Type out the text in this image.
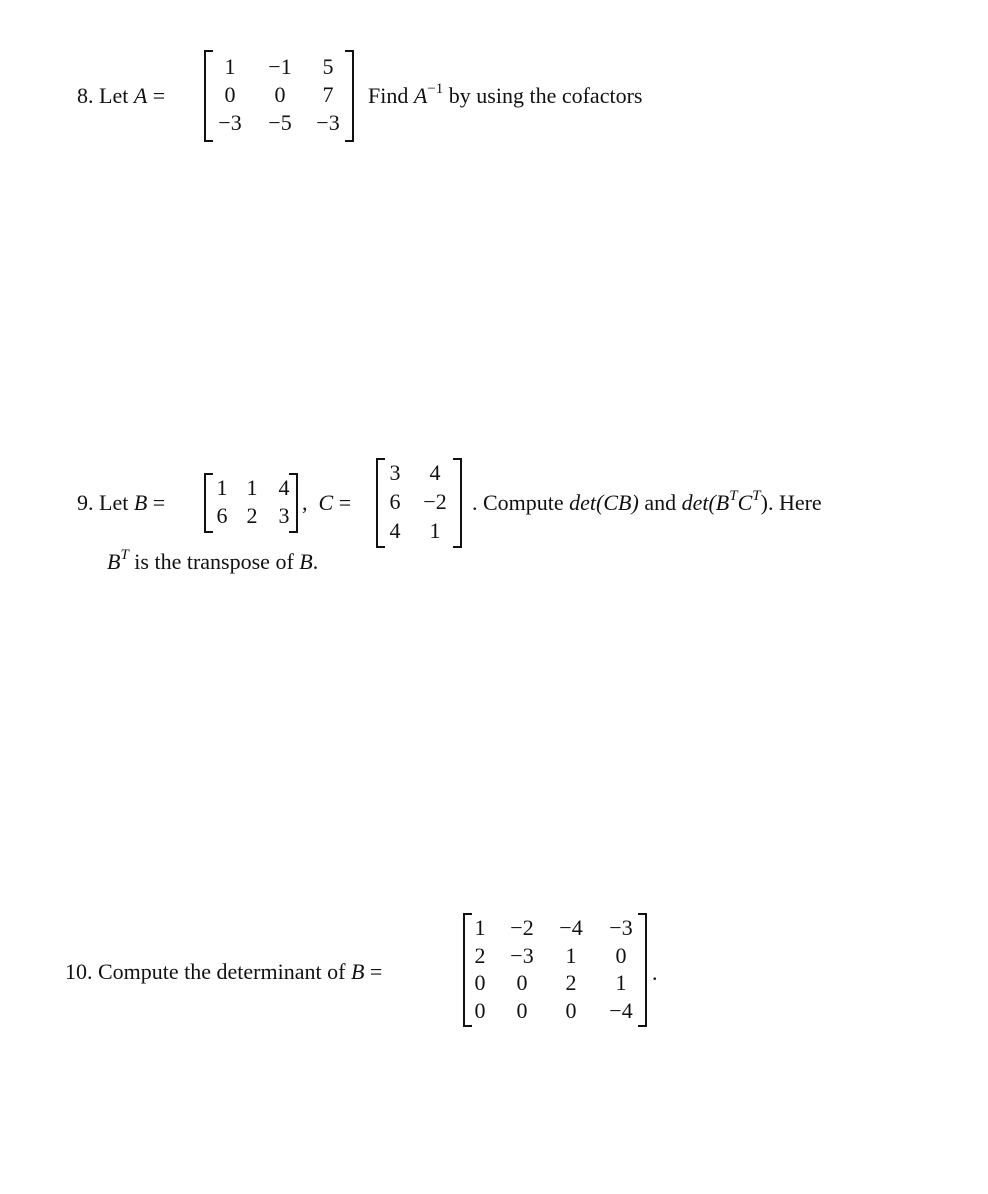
8. Let A =
1	−1	5
0	0	7
−3	−5	−3
Find $A^{-1}$ by using the cofactors
9. Let B =
1 1 4
6 2 3
, C =
3	4
6	−2
4	1
. Compute det(CB) and $\det(B^TC^T)$. Here
$B^T$ is the transpose of B.
10. Compute the determinant of B =
1	−2	−4	−3
2	−3	1	0
0	0	2	1
0	0	0	−4
.
